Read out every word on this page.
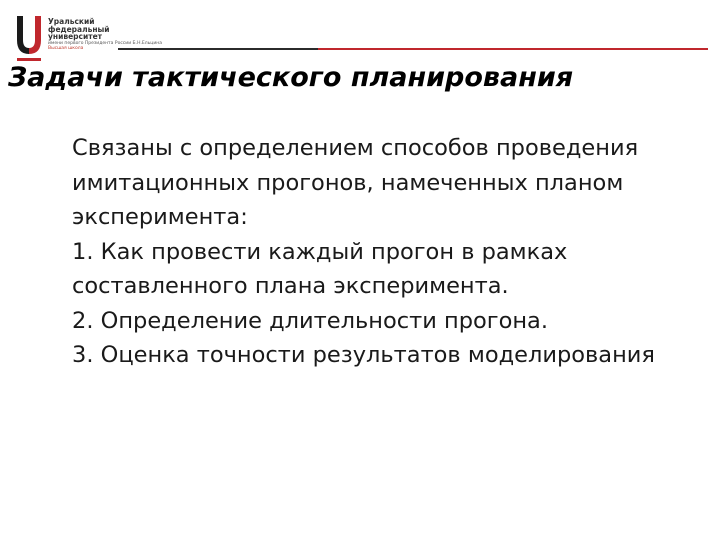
Уральский
федеральный
университет
имени первого Президента России Б.Н.Ельцина
Высшая школа
Задачи тактического планирования

Связаны с определением способов проведения имитационных прогонов, намеченных планом эксперимента:

1. Как провести каждый прогон в рамках составленного плана эксперимента.

2. Определение длительности прогона.

3. Оценка точности результатов моделирования
